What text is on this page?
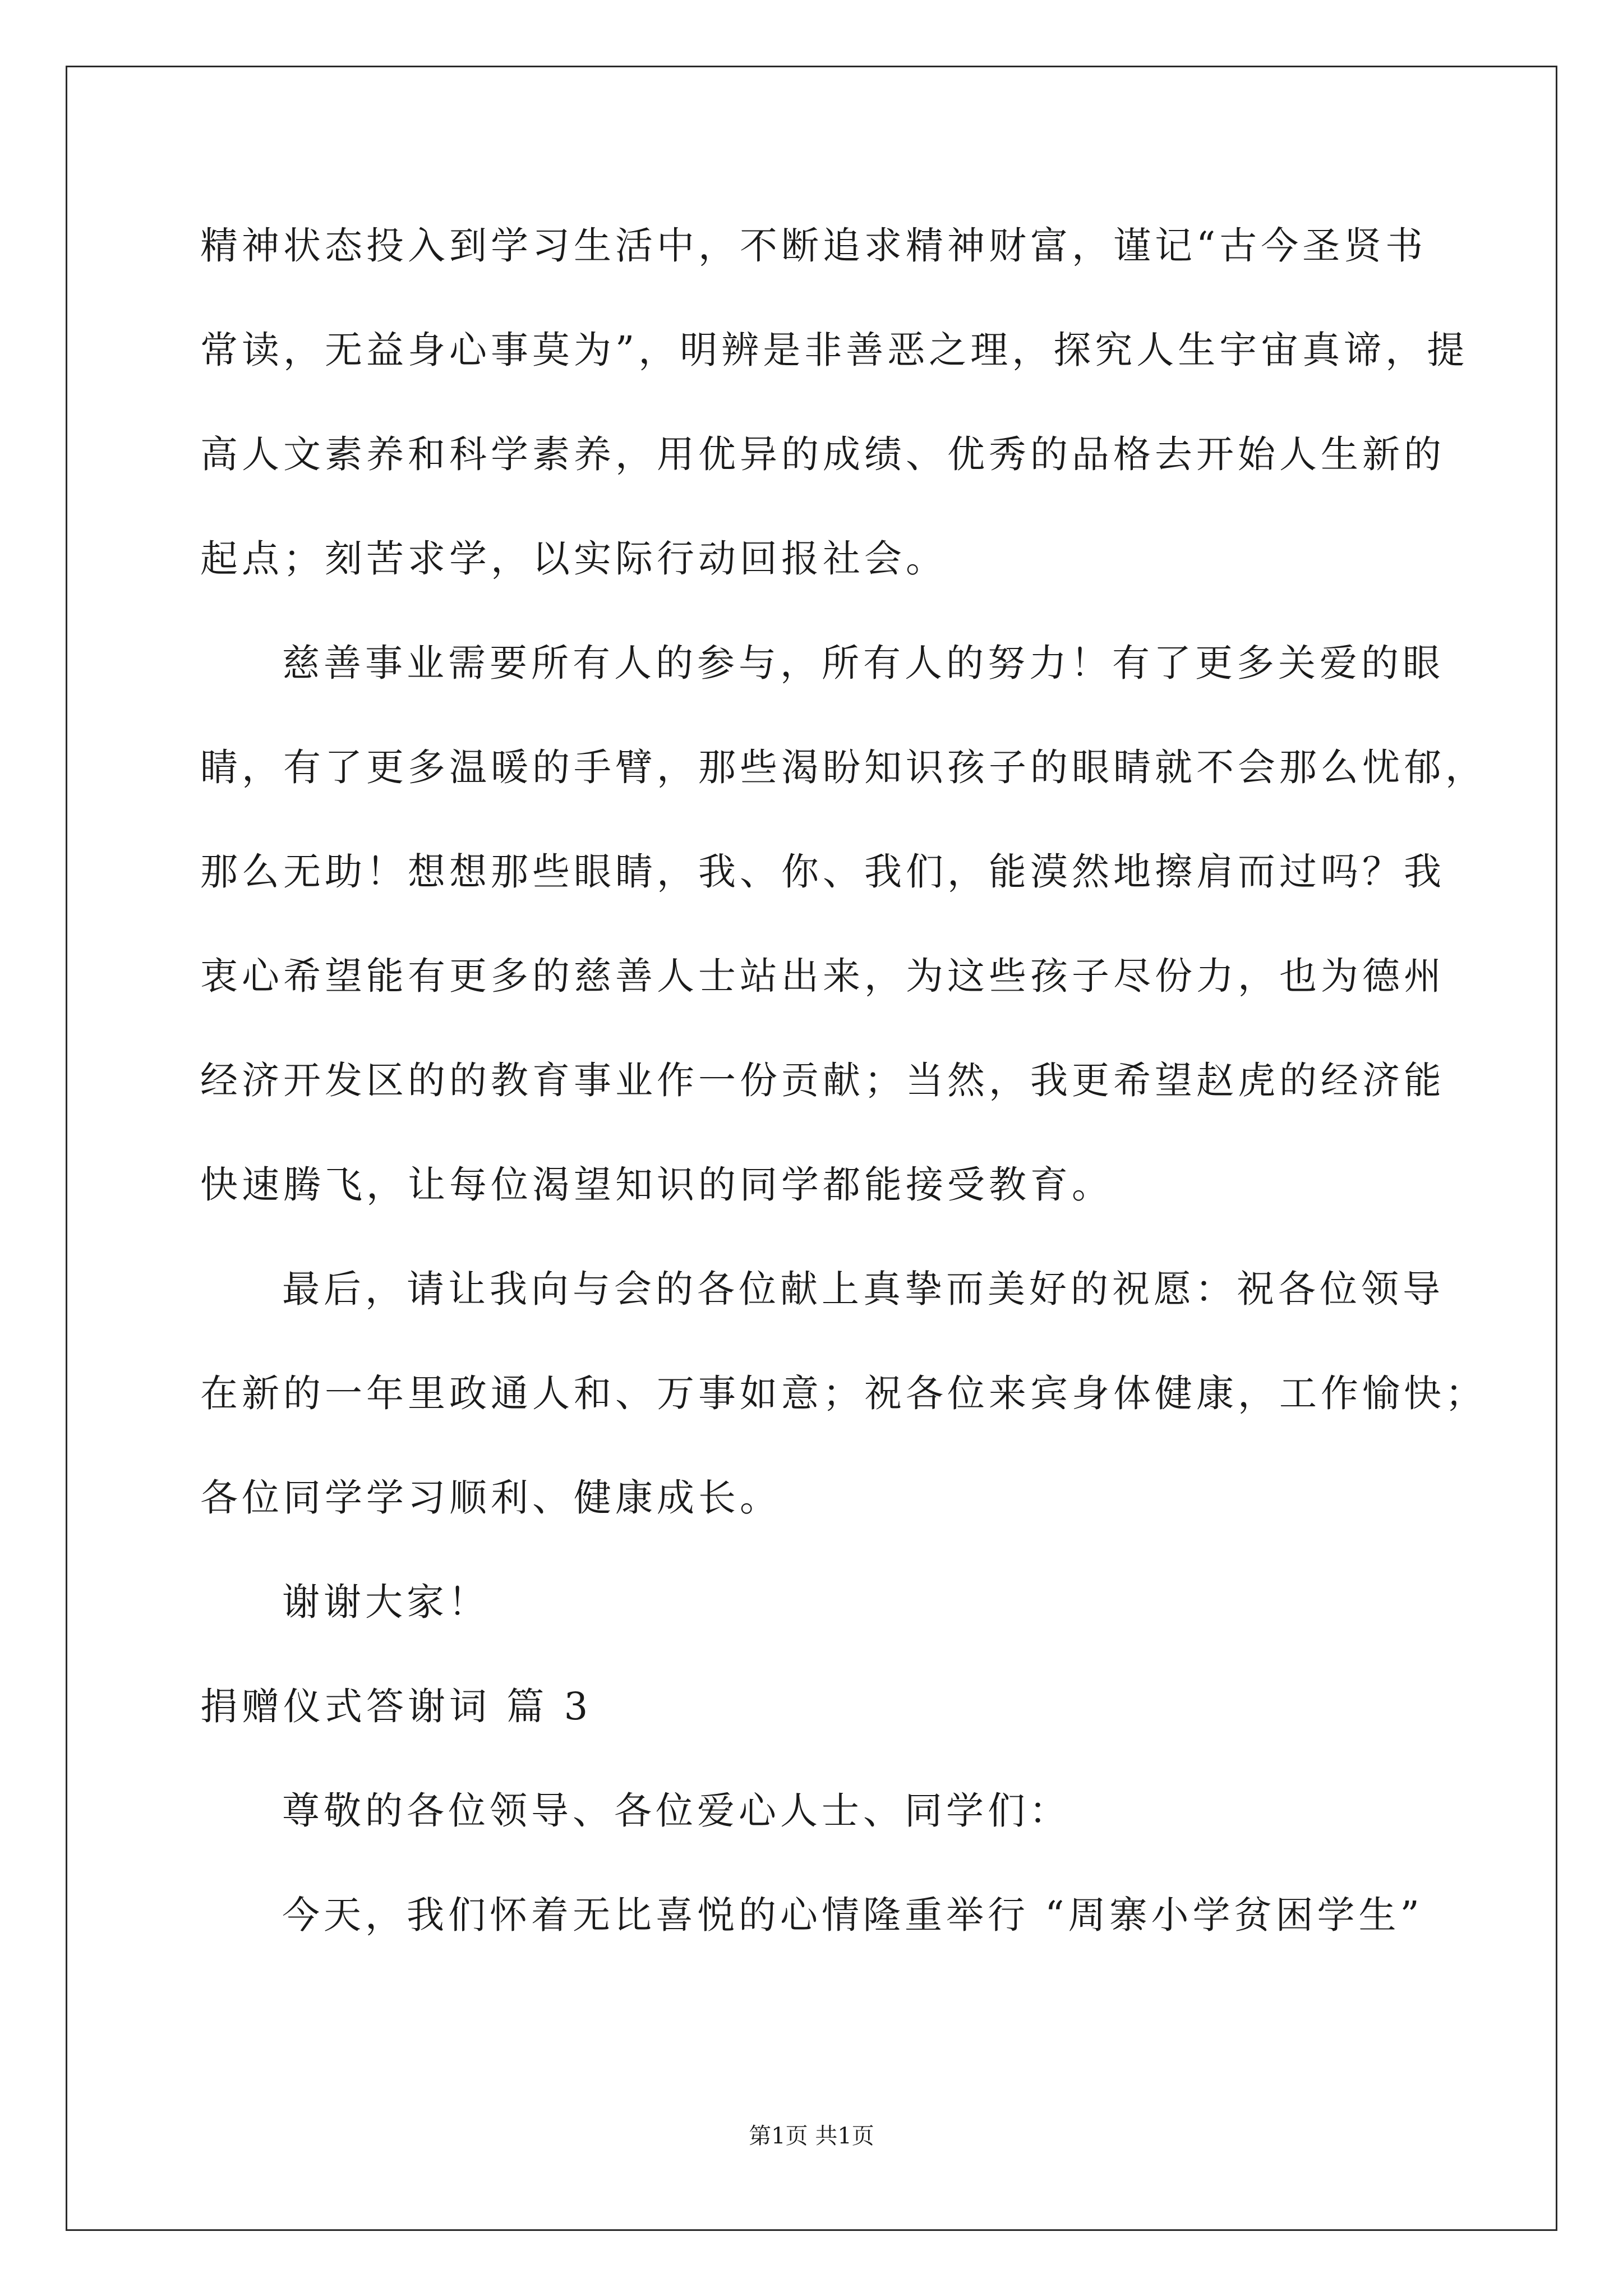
精神状态投入到学习生活中，不断追求精神财富，谨记“古今圣贤书
常读，无益身心事莫为”，明辨是非善恶之理，探究人生宇宙真谛，提
高人文素养和科学素养，用优异的成绩、优秀的品格去开始人生新的
起点；刻苦求学，以实际行动回报社会。
慈善事业需要所有人的参与，所有人的努力！有了更多关爱的眼
睛，有了更多温暖的手臂，那些渴盼知识孩子的眼睛就不会那么忧郁，
那么无助！想想那些眼睛，我、你、我们，能漠然地擦肩而过吗？我
衷心希望能有更多的慈善人士站出来，为这些孩子尽份力，也为德州
经济开发区的的教育事业作一份贡献；当然，我更希望赵虎的经济能
快速腾飞，让每位渴望知识的同学都能接受教育。
最后，请让我向与会的各位献上真挚而美好的祝愿：祝各位领导
在新的一年里政通人和、万事如意；祝各位来宾身体健康，工作愉快；
各位同学学习顺利、健康成长。
谢谢大家！
捐赠仪式答谢词 篇 3
尊敬的各位领导、各位爱心人士、同学们：
今天，我们怀着无比喜悦的心情隆重举行 “周寨小学贫困学生”
第1页 共1页
